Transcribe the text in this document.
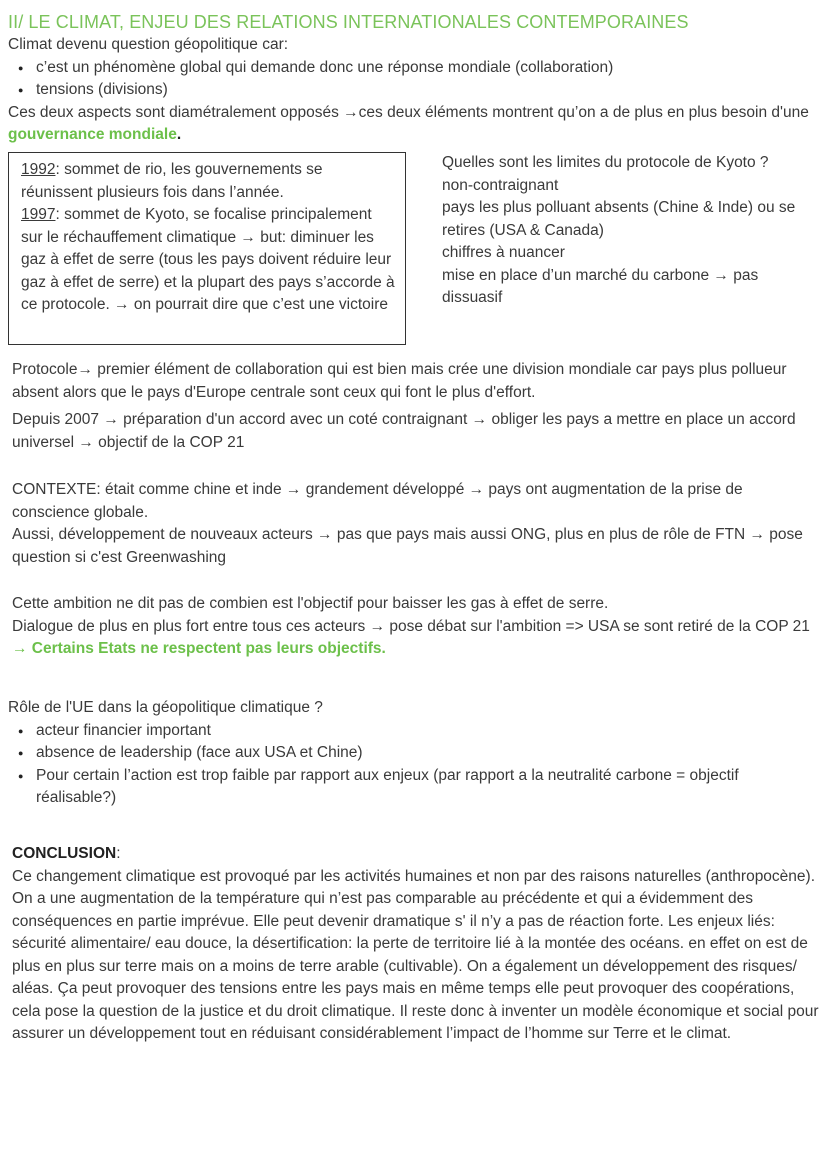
II/ LE CLIMAT, ENJEU DES RELATIONS INTERNATIONALES CONTEMPORAINES

Climat devenu question géopolitique car:

● c’est un phénomène global qui demande donc une réponse mondiale (collaboration)
● tensions (divisions)

Ces deux aspects sont diamétralement opposés →ces deux éléments montrent qu’on a de plus en plus besoin d'une gouvernance mondiale.

1992: sommet de rio, les gouvernements se réunissent plusieurs fois dans l’année.

1997: sommet de Kyoto, se focalise principalement sur le réchauffement climatique → but: diminuer les gaz à effet de serre (tous les pays doivent réduire leur gaz à effet de serre) et la plupart des pays s’accorde à ce protocole. → on pourrait dire que c’est une victoire

Quelles sont les limites du protocole de Kyoto ?

non-contraignant

pays les plus polluant absents (Chine & Inde) ou se retires (USA & Canada)

chiffres à nuancer

mise en place d’un marché du carbone → pas dissuasif

Protocole→ premier élément de collaboration qui est bien mais crée une division mondiale car pays plus pollueur absent alors que le pays d'Europe centrale sont ceux qui font le plus d'effort.
Depuis 2007 → préparation d'un accord avec un coté contraignant → obliger les pays a mettre en place un accord universel → objectif de la COP 21

CONTEXTE: était comme chine et inde → grandement développé → pays ont augmentation de la prise de conscience globale.

Aussi, développement de nouveaux acteurs → pas que pays mais aussi ONG, plus en plus de rôle de FTN → pose question si c'est Greenwashing

Cette ambition ne dit pas de combien est l'objectif pour baisser les gas à effet de serre.

Dialogue de plus en plus fort entre tous ces acteurs → pose débat sur l'ambition => USA se sont retiré de la COP 21

→ Certains Etats ne respectent pas leurs objectifs.

Rôle de l'UE dans la géopolitique climatique ?

● acteur financier important
● absence de leadership (face aux USA et Chine)
● Pour certain l’action est trop faible par rapport aux enjeux (par rapport a la neutralité carbone = objectif réalisable?)

CONCLUSION:

Ce changement climatique est provoqué par les activités humaines et non par des raisons naturelles (anthropocène). On a une augmentation de la température qui n’est pas comparable au précédente et qui a évidemment des conséquences en partie imprévue. Elle peut devenir dramatique s' il n’y a pas de réaction forte. Les enjeux liés: sécurité alimentaire/ eau douce, la désertification: la perte de territoire lié à la montée des océans. en effet on est de plus en plus sur terre mais on a moins de terre arable (cultivable). On a également un développement des risques/ aléas. Ça peut provoquer des tensions entre les pays mais en même temps elle peut provoquer des coopérations, cela pose la question de la justice et du droit climatique. Il reste donc à inventer un modèle économique et social pour assurer un développement tout en réduisant considérablement l’impact de l’homme sur Terre et le climat.
